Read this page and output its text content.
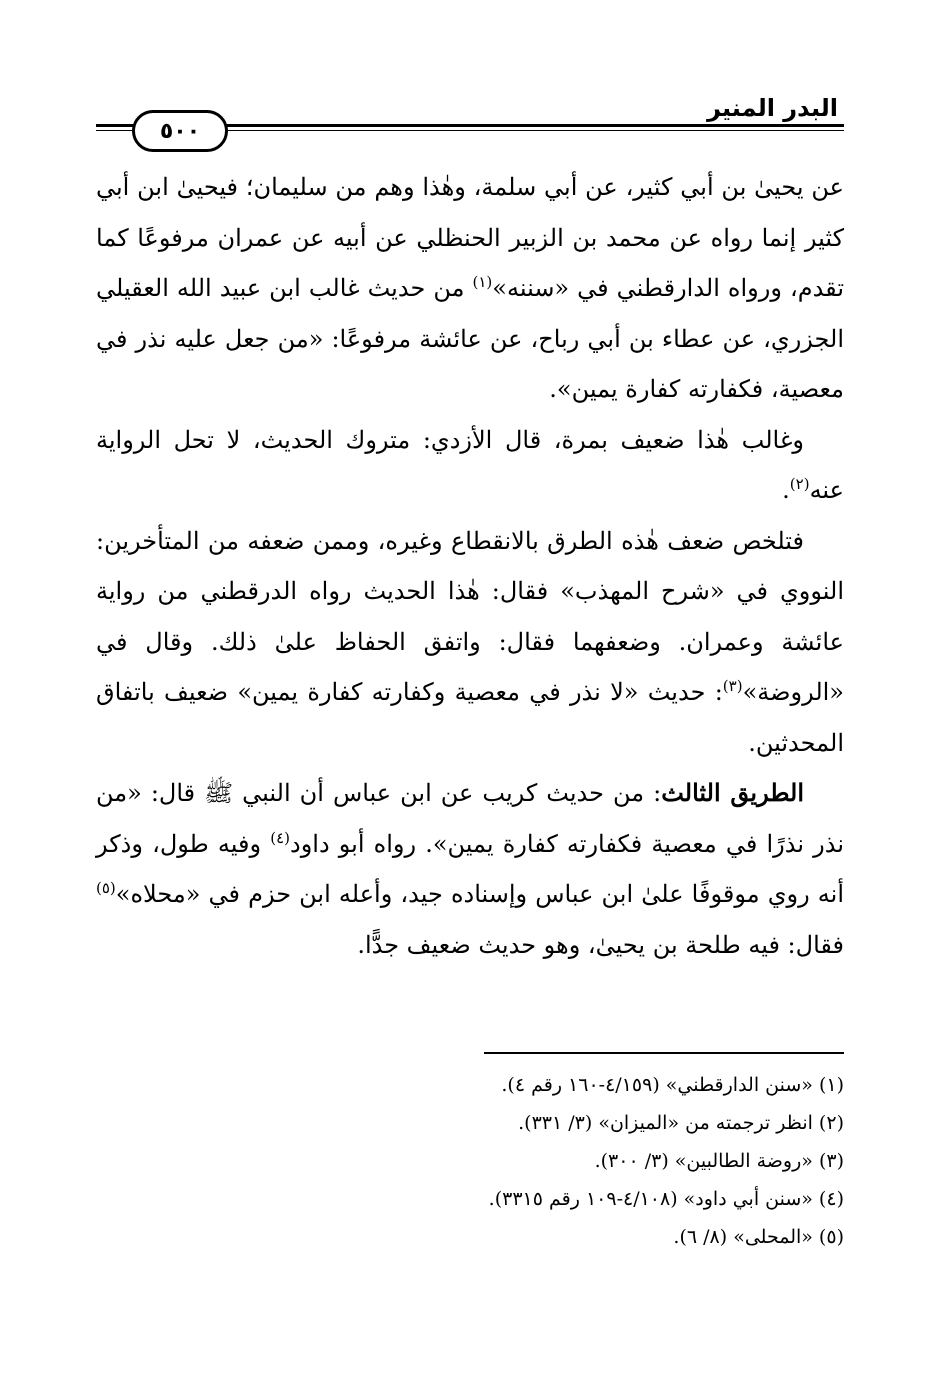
٥٠٠
البدر المنير

عن يحيىٰ بن أبي كثير، عن أبي سلمة، وهٰذا وهم من سليمان؛ فيحيىٰ ابن أبي كثير إنما رواه عن محمد بن الزبير الحنظلي عن أبيه عن عمران مرفوعًا كما تقدم، ورواه الدارقطني في «سننه»$^{(١)}$ من حديث غالب ابن عبيد الله العقيلي الجزري، عن عطاء بن أبي رباح، عن عائشة مرفوعًا: «من جعل عليه نذر في معصية، فكفارته كفارة يمين».

وغالب هٰذا ضعيف بمرة، قال الأزدي: متروك الحديث، لا تحل الرواية عنه$^{(٢)}$.

فتلخص ضعف هٰذه الطرق بالانقطاع وغيره، وممن ضعفه من المتأخرين: النووي في «شرح المهذب» فقال: هٰذا الحديث رواه الدرقطني من رواية عائشة وعمران. وضعفهما فقال: واتفق الحفاظ علىٰ ذلك. وقال في «الروضة»$^{(٣)}$: حديث «لا نذر في معصية وكفارته كفارة يمين» ضعيف باتفاق المحدثين.

الطريق الثالث: من حديث كريب عن ابن عباس أن النبي ﷺ قال: «من نذر نذرًا في معصية فكفارته كفارة يمين». رواه أبو داود$^{(٤)}$ وفيه طول، وذكر أنه روي موقوفًا علىٰ ابن عباس وإسناده جيد، وأعله ابن حزم في «محلاه»$^{(٥)}$ فقال: فيه طلحة بن يحيىٰ، وهو حديث ضعيف جدًّا.

(١) «سنن الدارقطني» (٤/١٥٩-١٦٠ رقم ٤).
(٢) انظر ترجمته من «الميزان» (٣/ ٣٣١).
(٣) «روضة الطالبين» (٣/ ٣٠٠).
(٤) «سنن أبي داود» (٤/١٠٨-١٠٩ رقم ٣٣١٥).
(٥) «المحلى» (٨/ ٦).
